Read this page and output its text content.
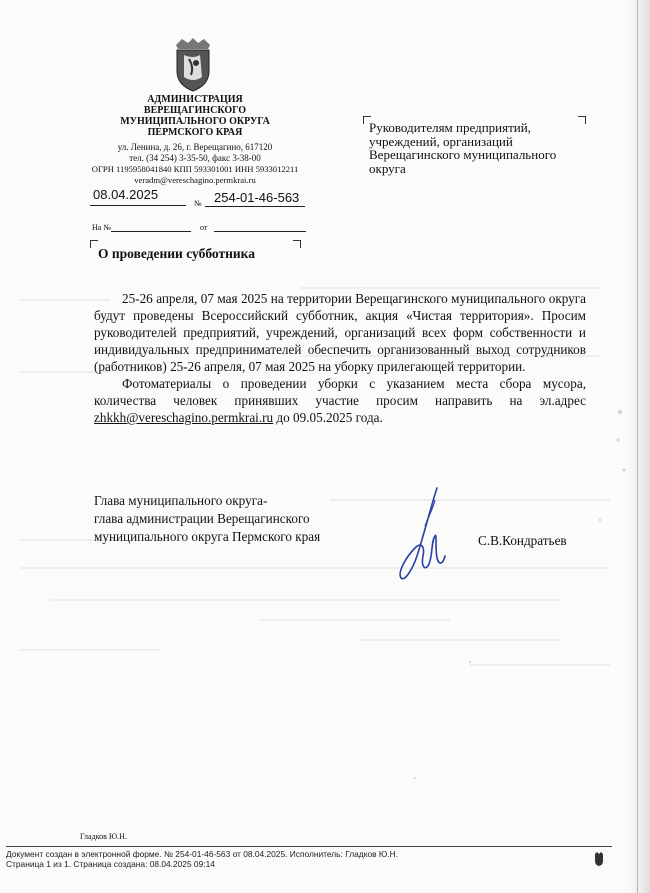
АДМИНИСТРАЦИЯ
ВЕРЕЩАГИНСКОГО
МУНИЦИПАЛЬНОГО ОКРУГА
ПЕРМСКОГО КРАЯ
ул. Ленина, д. 26, г. Верещагино, 617120
тел. (34 254) 3-35-50, факс 3-38-00
ОГРН 1195958041840 КПП 593301001 ИНН 5933012211
veradm@vereschagino.permkrai.ru
08.04.2025
№ 254-01-46-563
На №	от
Руководителям предприятий, учреждений, организаций Верещагинского муниципального округа
О проведении субботника
25-26 апреля, 07 мая 2025 на территории Верещагинского муниципального округа будут проведены Всероссийский субботник, акция «Чистая территория». Просим руководителей предприятий, учреждений, организаций всех форм собственности и индивидуальных предпринимателей обеспечить организованный выход сотрудников (работников) 25-26 апреля, 07 мая 2025 на уборку прилегающей территории.
Фотоматериалы о проведении уборки с указанием места сбора мусора, количества человек принявших участие просим направить на эл.адрес zhkkh@vereschagino.permkrai.ru до 09.05.2025 года.
Глава муниципального округа-
глава администрации Верещагинского
муниципального округа Пермского края	С.В.Кондратьев
Гладков Ю.Н.
Документ создан в электронной форме. № 254-01-46-563 от 08.04.2025. Исполнитель: Гладков Ю.Н.
Страница 1 из 1. Страница создана: 08.04.2025 09:14
